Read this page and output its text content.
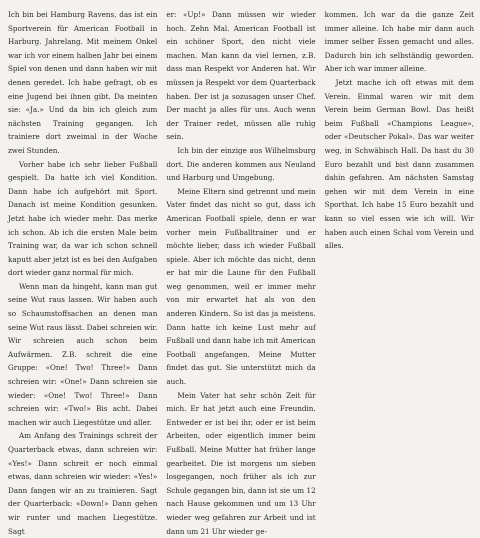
Ich bin bei Hamburg Ravens, das ist ein Sportverein für American Football in Harburg. Jahrelang. Mit meinem Onkel war ich vor einem halben Jahr bei einem Spiel von denen und dann haben wir mit denen geredet. Ich habe gefragt, ob es eine Jugend bei ihnen gibt. Da meinten sie: «Ja.» Und da bin ich gleich zum nächsten Training gegangen. Ich trainiere dort zweimal in der Woche zwei Stunden.

Vorher habe ich sehr lieber Fußball gespielt. Da hatte ich viel Kondition. Dann habe ich aufgehört mit Sport. Danach ist meine Kondition gesunken. Jetzt habe ich wieder mehr. Das merke ich schon. Ab ich die ersten Male beim Training war, da war ich schon schnell kaputt aber jetzt ist es bei den Aufgaben dort wieder ganz normal für mich.

Wenn man da hingeht, kann man gut seine Wut raus lassen. Wir haben auch so Schaumstoffsachen an denen man seine Wut raus lässt. Dabei schreien wir. Wir schreien auch schon beim Aufwärmen. Z.B. schreit die eine Gruppe: «One! Two! Three!» Dann schreien wir: «One!» Dann schreien sie wieder: «One! Two! Three!» Dann schreien wir: «Two!» Bis acht. Dabei machen wir auch Liegestütze und aller.

Am Anfang des Trainings schreit der Quarterback etwas, dann schreien wir: «Yes!» Dann schreit er noch einmal etwas, dann schreien wir wieder: «Yes!» Dann fangen wir an zu trainieren. Sagt der Quarterback: «Down!» Dann gehen wir runter und machen Liegestütze. Sagt

er: «Up!» Dann müssen wir wieder hoch. Zehn Mal. American Football ist ein schöner Sport, den nicht viele machen. Man kann da viel lernen, z.B. dass man Respekt vor Anderen hat. Wir müssen ja Respekt vor dem Quarterback haben. Der ist ja sozusagen unser Chef. Der macht ja alles für uns. Auch wenn der Trainer redet, müssen alle ruhig sein.

Ich bin der einzige aus Wilhelmsburg dort. Die anderen kommen aus Neuland und Harburg und Umgebung.

Meine Eltern sind getrennt und mein Vater findet das nicht so gut, dass ich American Football spiele, denn er war vorher mein Fußballtrainer und er möchte lieber, dass ich wieder Fußball spiele. Aber ich möchte das nicht, denn er hat mir die Laune für den Fußball weg genommen, weil er immer mehr von mir erwartet hat als von den anderen Kindern. So ist das ja meistens. Dann hatte ich keine Lust mehr auf Fußball und dann habe ich mit American Football angefangen. Meine Mutter findet das gut. Sie unterstützt mich da auch.

Mein Vater hat sehr schön Zeit für mich. Er hat jetzt auch eine Freundin. Entweder er ist bei ihr, oder er ist beim Arbeiten, oder eigentlich immer beim Fußball. Meine Mutter hat früher lange gearbeitet. Die ist morgens um sieben losgegangen, noch früher als ich zur Schule gegangen bin, dann ist sie um 12 nach Hause gekommen und um 13 Uhr wieder weg gefahren zur Arbeit und ist dann um 21 Uhr wieder ge-

kommen. Ich war da die ganze Zeit immer alleine. Ich habe mir dann auch immer selber Essen gemacht und alles. Dadurch bin ich selbständig geworden. Aber ich war immer alleine.

Jetzt mache ich oft etwas mit dem Verein. Einmal waren wir mit dem Verein beim German Bowl. Das heißt beim Fußball «Champions League», oder «Deutscher Pokal». Das war weiter weg, in Schwäbisch Hall. Da hast du 30 Euro bezahlt und bist dann zusammen dahin gefahren. Am nächsten Samstag gehen wir mit dem Verein in eine Sporthat. Ich habe 15 Euro bezahlt und kann so viel essen wie ich will. Wir haben auch einen Schal vom Verein und alles.
